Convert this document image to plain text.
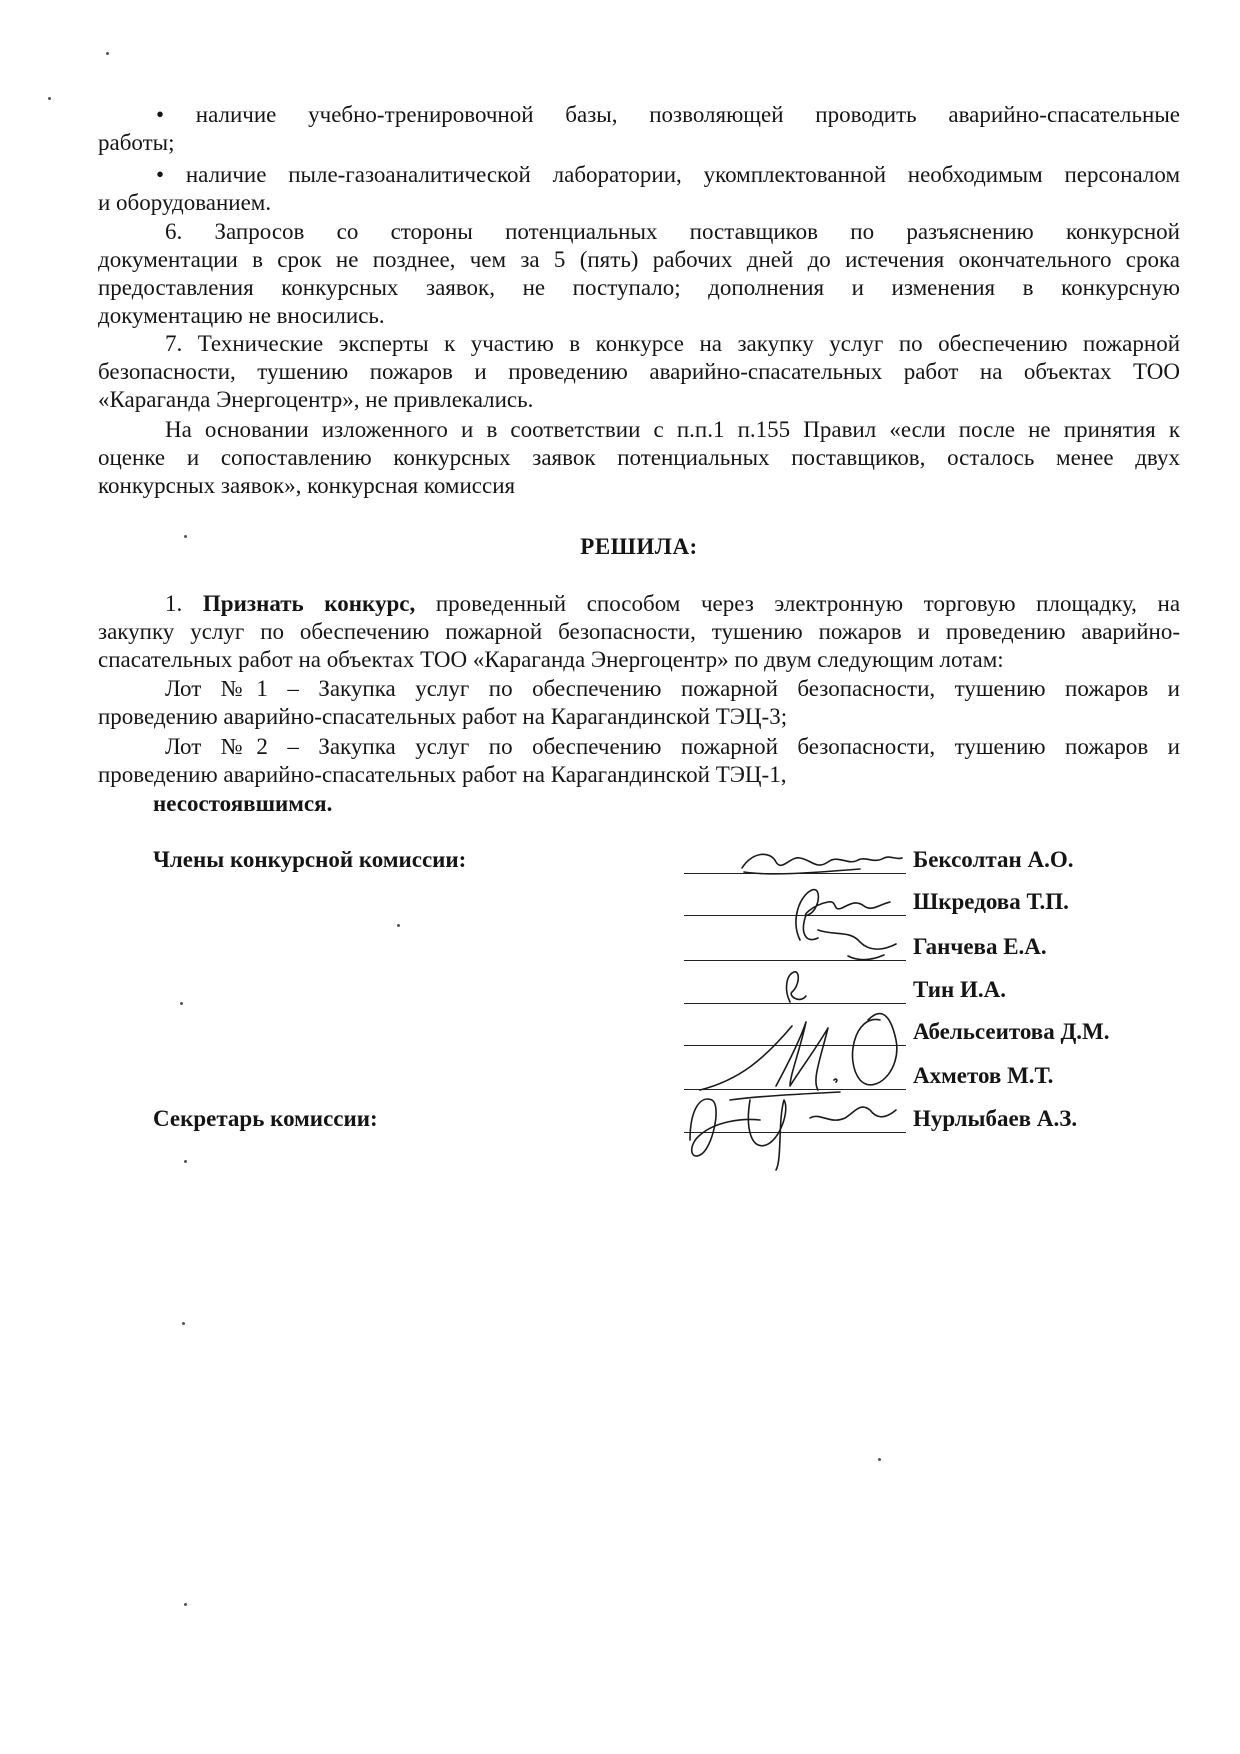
• наличие учебно-тренировочной базы, позволяющей проводить аварийно-спасательные
работы;
• наличие пыле-газоаналитической лаборатории, укомплектованной необходимым персоналом
и оборудованием.
6. Запросов со стороны потенциальных поставщиков по разъяснению конкурсной
документации в срок не позднее, чем за 5 (пять) рабочих дней до истечения окончательного срока
предоставления конкурсных заявок, не поступало; дополнения и изменения в конкурсную
документацию не вносились.
7. Технические эксперты к участию в конкурсе на закупку услуг по обеспечению пожарной
безопасности, тушению пожаров и проведению аварийно-спасательных работ на объектах ТОО
«Караганда Энергоцентр», не привлекались.
На основании изложенного и в соответствии с п.п.1 п.155 Правил «если после не принятия к
оценке и сопоставлению конкурсных заявок потенциальных поставщиков, осталось менее двух
конкурсных заявок», конкурсная комиссия
РЕШИЛА:
1. Признать конкурс, проведенный способом через электронную торговую площадку, на
закупку услуг по обеспечению пожарной безопасности, тушению пожаров и проведению аварийно-
спасательных работ на объектах ТОО «Караганда Энергоцентр» по двум следующим лотам:
Лот №1 – Закупка услуг по обеспечению пожарной безопасности, тушению пожаров и
проведению аварийно-спасательных работ на Карагандинской ТЭЦ-3;
Лот №2 – Закупка услуг по обеспечению пожарной безопасности, тушению пожаров и
проведению аварийно-спасательных работ на Карагандинской ТЭЦ-1,
несостоявшимся.
Члены конкурсной комиссии:
Секретарь комиссии:
Бексолтан А.О.
Шкредова Т.П.
Ганчева Е.А.
Тин И.А.
Абельсеитова Д.М.
Ахметов М.Т.
Нурлыбаев А.З.
